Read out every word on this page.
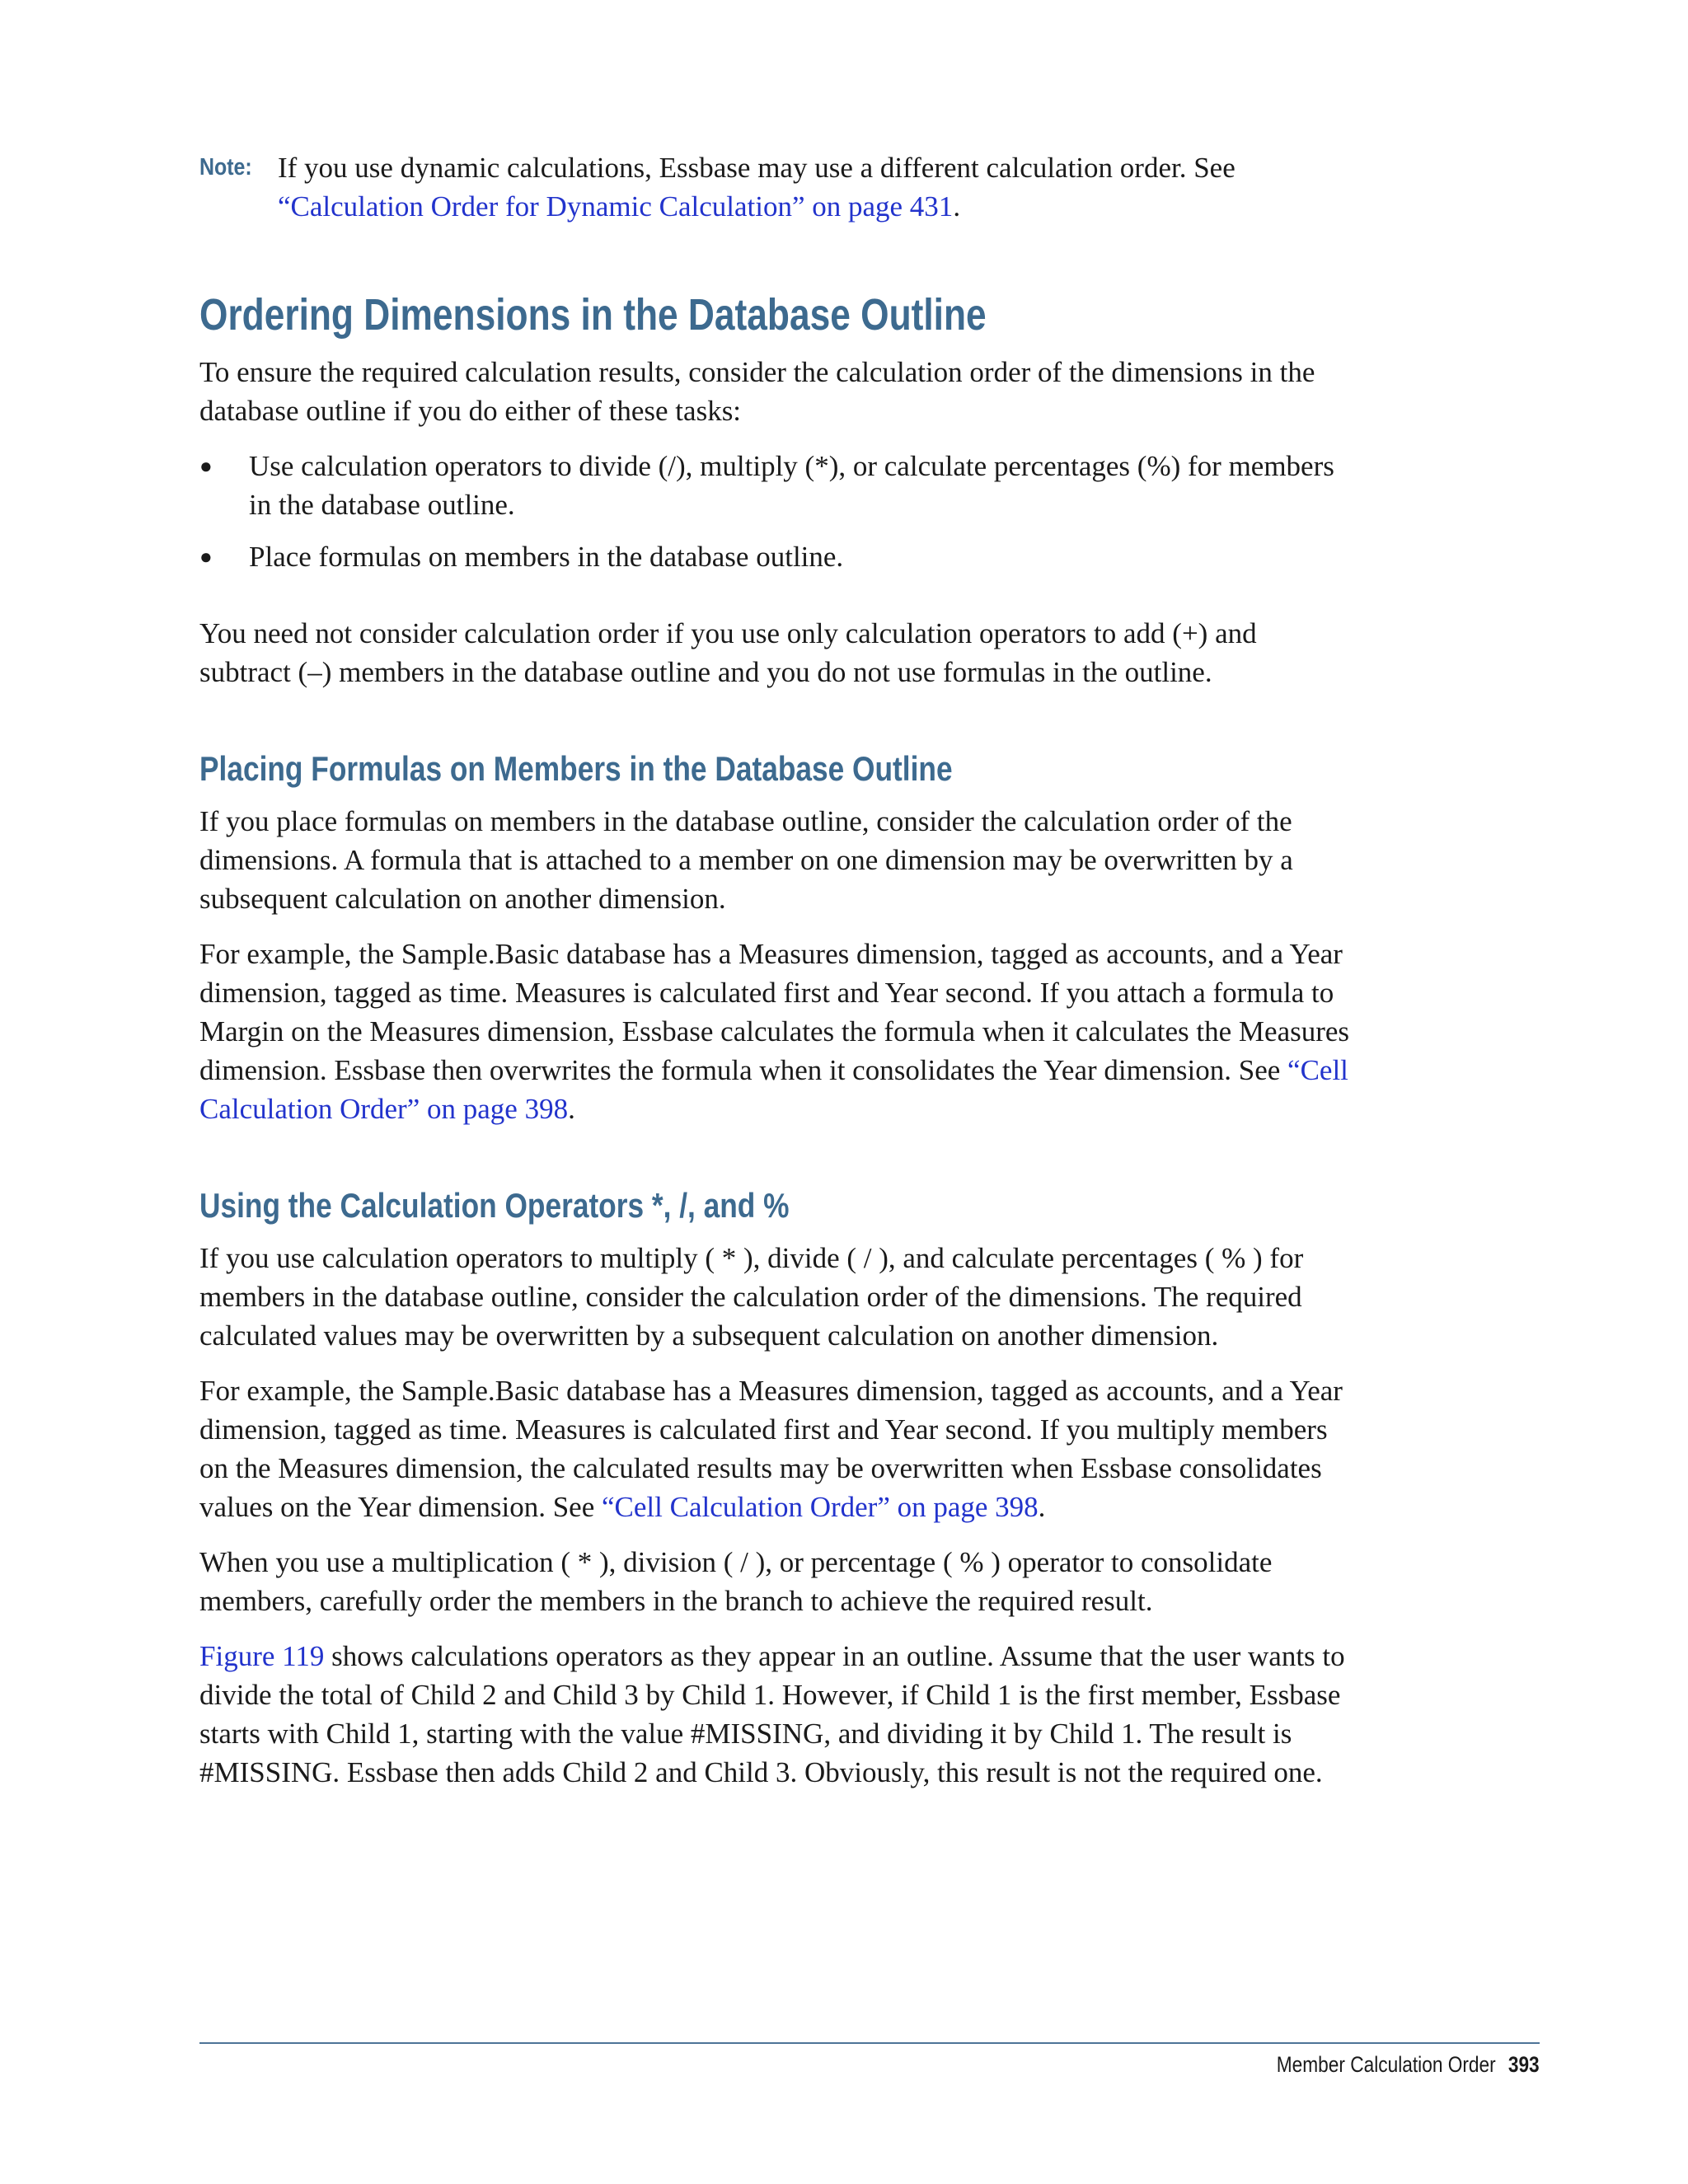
Note: If you use dynamic calculations, Essbase may use a different calculation order. See “Calculation Order for Dynamic Calculation” on page 431.
Ordering Dimensions in the Database Outline

To ensure the required calculation results, consider the calculation order of the dimensions in the database outline if you do either of these tasks:

● Use calculation operators to divide (/), multiply (*), or calculate percentages (%) for members in the database outline.
● Place formulas on members in the database outline.

You need not consider calculation order if you use only calculation operators to add (+) and subtract (–) members in the database outline and you do not use formulas in the outline.

Placing Formulas on Members in the Database Outline

If you place formulas on members in the database outline, consider the calculation order of the dimensions. A formula that is attached to a member on one dimension may be overwritten by a subsequent calculation on another dimension.

For example, the Sample.Basic database has a Measures dimension, tagged as accounts, and a Year dimension, tagged as time. Measures is calculated first and Year second. If you attach a formula to Margin on the Measures dimension, Essbase calculates the formula when it calculates the Measures dimension. Essbase then overwrites the formula when it consolidates the Year dimension. See “Cell Calculation Order” on page 398.

Using the Calculation Operators *, /, and %

If you use calculation operators to multiply ( * ), divide ( / ), and calculate percentages ( % ) for members in the database outline, consider the calculation order of the dimensions. The required calculated values may be overwritten by a subsequent calculation on another dimension.

For example, the Sample.Basic database has a Measures dimension, tagged as accounts, and a Year dimension, tagged as time. Measures is calculated first and Year second. If you multiply members on the Measures dimension, the calculated results may be overwritten when Essbase consolidates values on the Year dimension. See “Cell Calculation Order” on page 398.

When you use a multiplication ( * ), division ( / ), or percentage ( % ) operator to consolidate members, carefully order the members in the branch to achieve the required result.

Figure 119 shows calculations operators as they appear in an outline. Assume that the user wants to divide the total of Child 2 and Child 3 by Child 1. However, if Child 1 is the first member, Essbase starts with Child 1, starting with the value #MISSING, and dividing it by Child 1. The result is #MISSING. Essbase then adds Child 2 and Child 3. Obviously, this result is not the required one.

Member Calculation Order 393
